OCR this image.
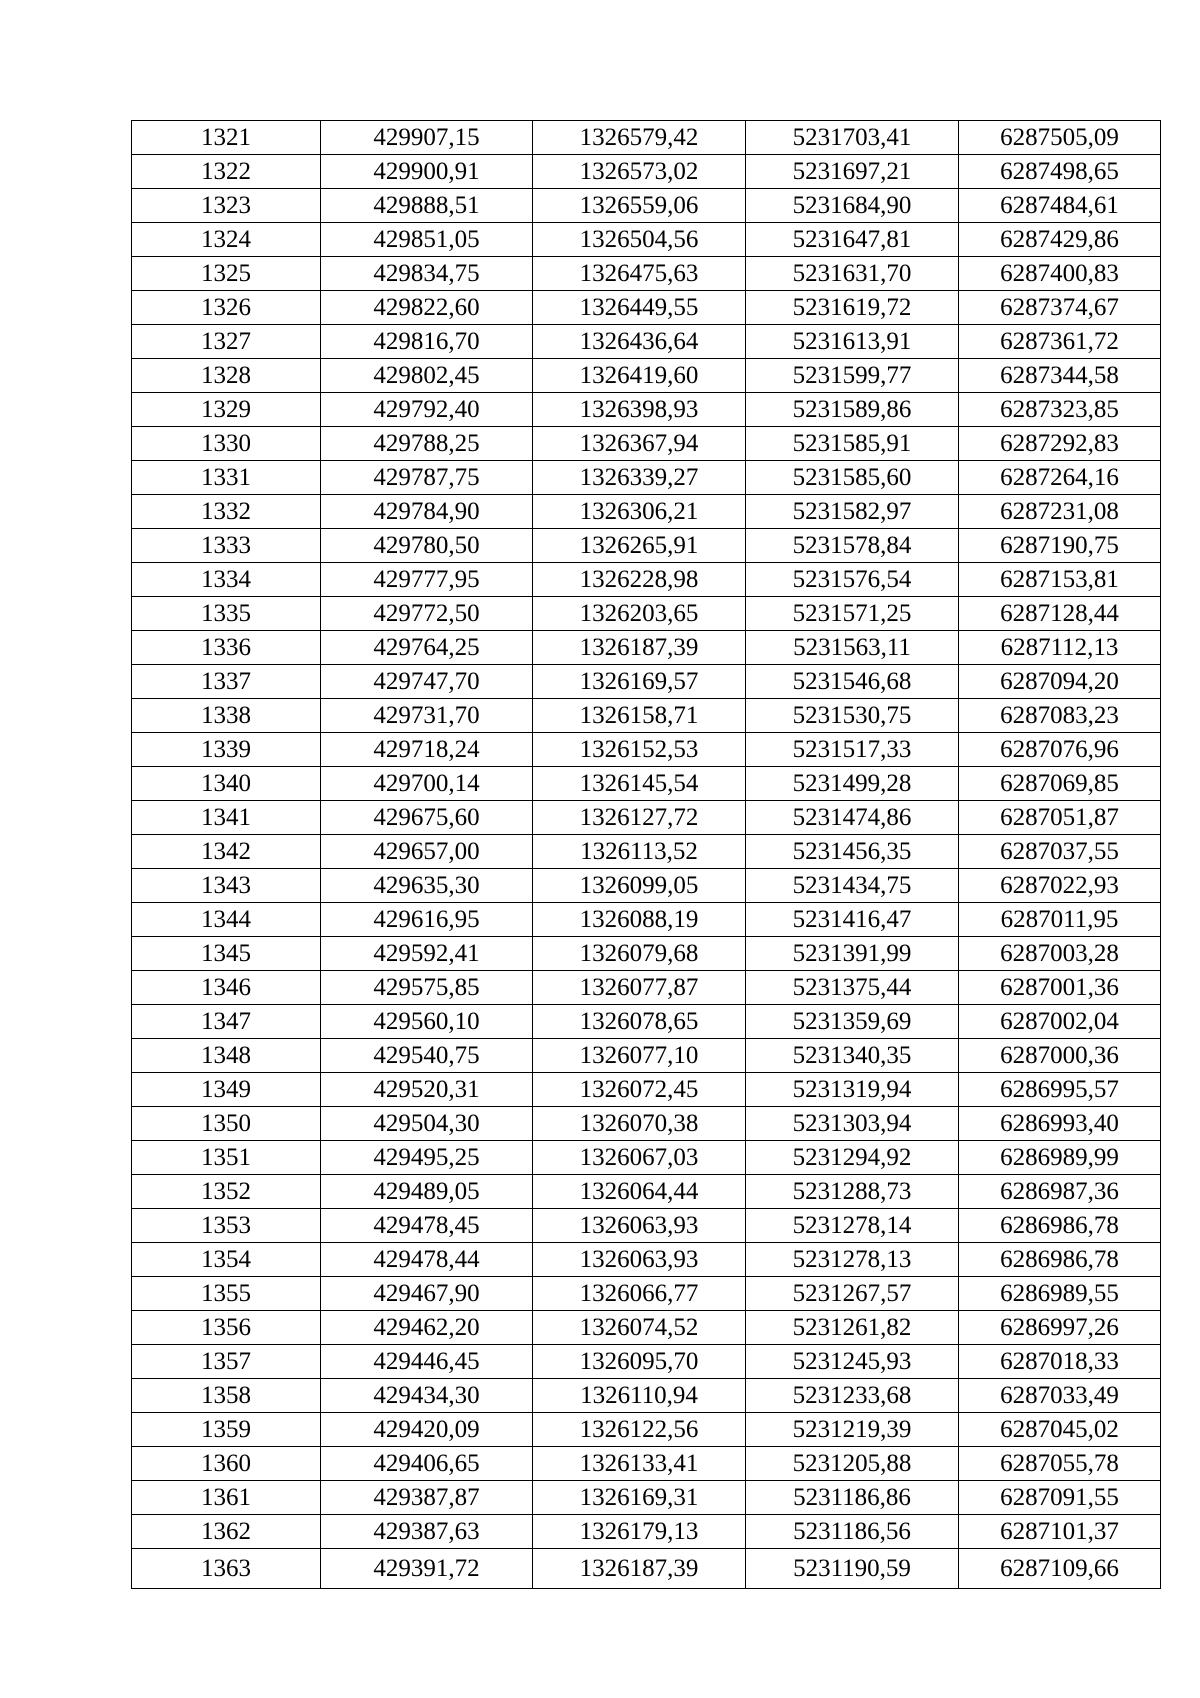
1321	429907,15	1326579,42	5231703,41	6287505,09
1322	429900,91	1326573,02	5231697,21	6287498,65
1323	429888,51	1326559,06	5231684,90	6287484,61
1324	429851,05	1326504,56	5231647,81	6287429,86
1325	429834,75	1326475,63	5231631,70	6287400,83
1326	429822,60	1326449,55	5231619,72	6287374,67
1327	429816,70	1326436,64	5231613,91	6287361,72
1328	429802,45	1326419,60	5231599,77	6287344,58
1329	429792,40	1326398,93	5231589,86	6287323,85
1330	429788,25	1326367,94	5231585,91	6287292,83
1331	429787,75	1326339,27	5231585,60	6287264,16
1332	429784,90	1326306,21	5231582,97	6287231,08
1333	429780,50	1326265,91	5231578,84	6287190,75
1334	429777,95	1326228,98	5231576,54	6287153,81
1335	429772,50	1326203,65	5231571,25	6287128,44
1336	429764,25	1326187,39	5231563,11	6287112,13
1337	429747,70	1326169,57	5231546,68	6287094,20
1338	429731,70	1326158,71	5231530,75	6287083,23
1339	429718,24	1326152,53	5231517,33	6287076,96
1340	429700,14	1326145,54	5231499,28	6287069,85
1341	429675,60	1326127,72	5231474,86	6287051,87
1342	429657,00	1326113,52	5231456,35	6287037,55
1343	429635,30	1326099,05	5231434,75	6287022,93
1344	429616,95	1326088,19	5231416,47	6287011,95
1345	429592,41	1326079,68	5231391,99	6287003,28
1346	429575,85	1326077,87	5231375,44	6287001,36
1347	429560,10	1326078,65	5231359,69	6287002,04
1348	429540,75	1326077,10	5231340,35	6287000,36
1349	429520,31	1326072,45	5231319,94	6286995,57
1350	429504,30	1326070,38	5231303,94	6286993,40
1351	429495,25	1326067,03	5231294,92	6286989,99
1352	429489,05	1326064,44	5231288,73	6286987,36
1353	429478,45	1326063,93	5231278,14	6286986,78
1354	429478,44	1326063,93	5231278,13	6286986,78
1355	429467,90	1326066,77	5231267,57	6286989,55
1356	429462,20	1326074,52	5231261,82	6286997,26
1357	429446,45	1326095,70	5231245,93	6287018,33
1358	429434,30	1326110,94	5231233,68	6287033,49
1359	429420,09	1326122,56	5231219,39	6287045,02
1360	429406,65	1326133,41	5231205,88	6287055,78
1361	429387,87	1326169,31	5231186,86	6287091,55
1362	429387,63	1326179,13	5231186,56	6287101,37
1363	429391,72	1326187,39	5231190,59	6287109,66
